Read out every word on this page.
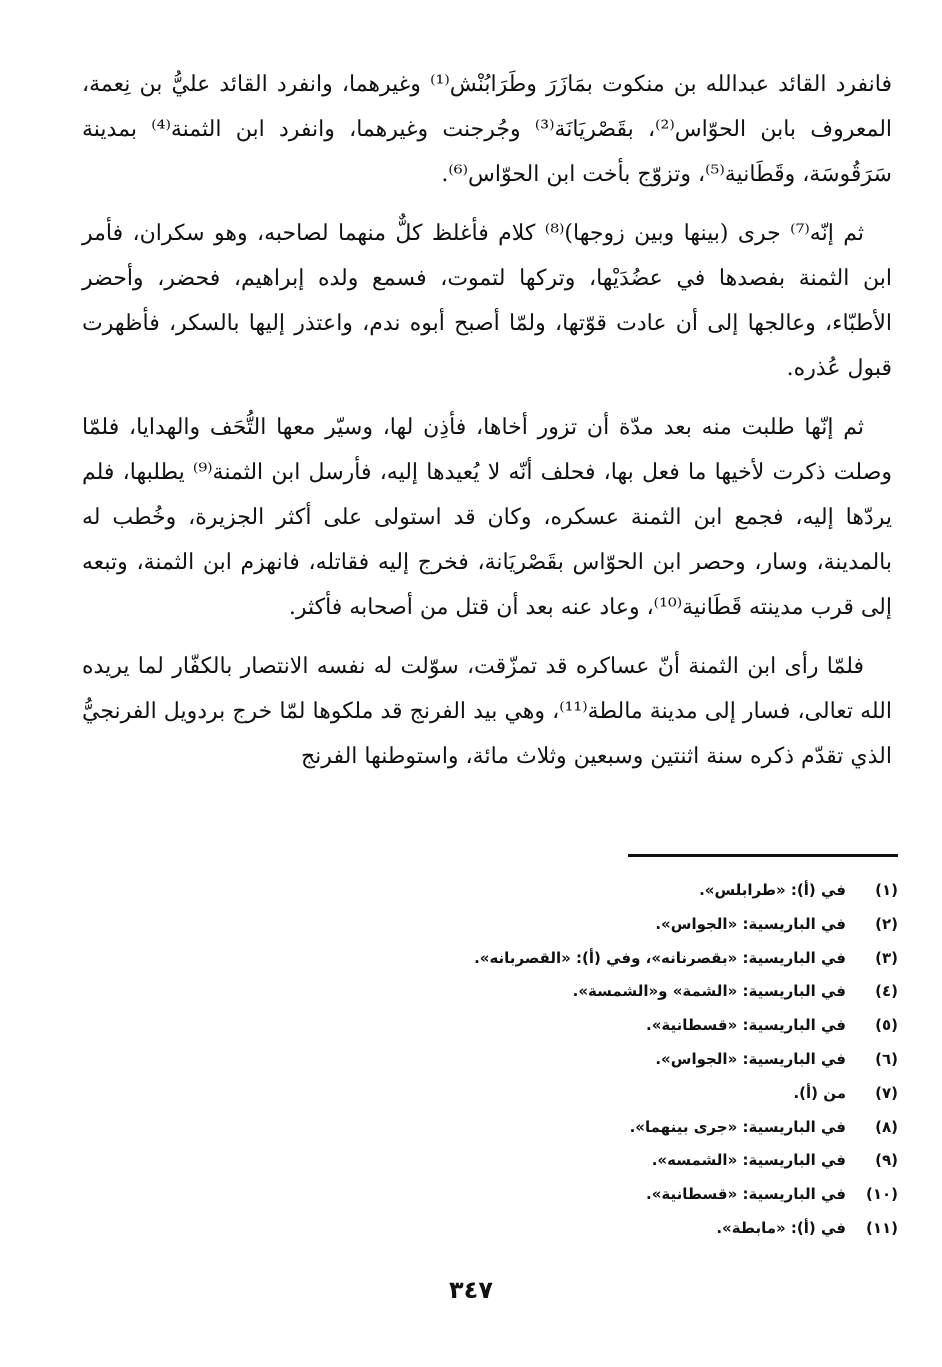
فانفرد القائد عبدالله بن منكوت بمَازَرَ وطَرَابُنْش⁽¹⁾ وغيرهما، وانفرد القائد عليُّ بن نِعمة، المعروف بابن الحوّاس⁽²⁾، بقَصْريَانَة⁽³⁾ وجُرجنت وغيرهما، وانفرد ابن الثمنة⁽⁴⁾ بمدينة سَرَقُوسَة، وقَطَانية⁽⁵⁾، وتزوّج بأخت ابن الحوّاس⁽⁶⁾.

ثم إنّه⁽⁷⁾ جرى (بينها وبين زوجها)⁽⁸⁾ كلام فأغلظ كلٌّ منهما لصاحبه، وهو سكران، فأمر ابن الثمنة بفصدها في عضُدَيْها، وتركها لتموت، فسمع ولده إبراهيم، فحضر، وأحضر الأطبّاء، وعالجها إلى أن عادت قوّتها، ولمّا أصبح أبوه ندم، واعتذر إليها بالسكر، فأظهرت قبول عُذره.

ثم إنّها طلبت منه بعد مدّة أن تزور أخاها، فأذِن لها، وسيّر معها التُّحَف والهدايا، فلمّا وصلت ذكرت لأخيها ما فعل بها، فحلف أنّه لا يُعيدها إليه، فأرسل ابن الثمنة⁽⁹⁾ يطلبها، فلم يردّها إليه، فجمع ابن الثمنة عسكره، وكان قد استولى على أكثر الجزيرة، وخُطب له بالمدينة، وسار، وحصر ابن الحوّاس بقَصْريَانة، فخرج إليه فقاتله، فانهزم ابن الثمنة، وتبعه إلى قرب مدينته قَطَانية⁽¹⁰⁾، وعاد عنه بعد أن قتل من أصحابه فأكثر.

فلمّا رأى ابن الثمنة أنّ عساكره قد تمزّقت، سوّلت له نفسه الانتصار بالكفّار لما يريده الله تعالى، فسار إلى مدينة مالطة⁽¹¹⁾، وهي بيد الفرنج قد ملكوها لمّا خرج بردويل الفرنجيُّ الذي تقدّم ذكره سنة اثنتين وسبعين وثلاث مائة، واستوطنها الفرنج

(١)
في (أ): «طرابلس».
(٢)
في الباريسية: «الجواس».
(٣)
في الباريسية: «بقصرنانه»، وفي (أ): «القصربانه».
(٤)
في الباريسية: «الشمة» و«الشمسة».
(٥)
في الباريسية: «قسطانية».
(٦)
في الباريسية: «الجواس».
(٧)
من (أ).
(٨)
في الباريسية: «جرى بينهما».
(٩)
في الباريسية: «الشمسه».
(١٠)
في الباريسية: «قسطانية».
(١١)
في (أ): «مابطة».
٣٤٧
